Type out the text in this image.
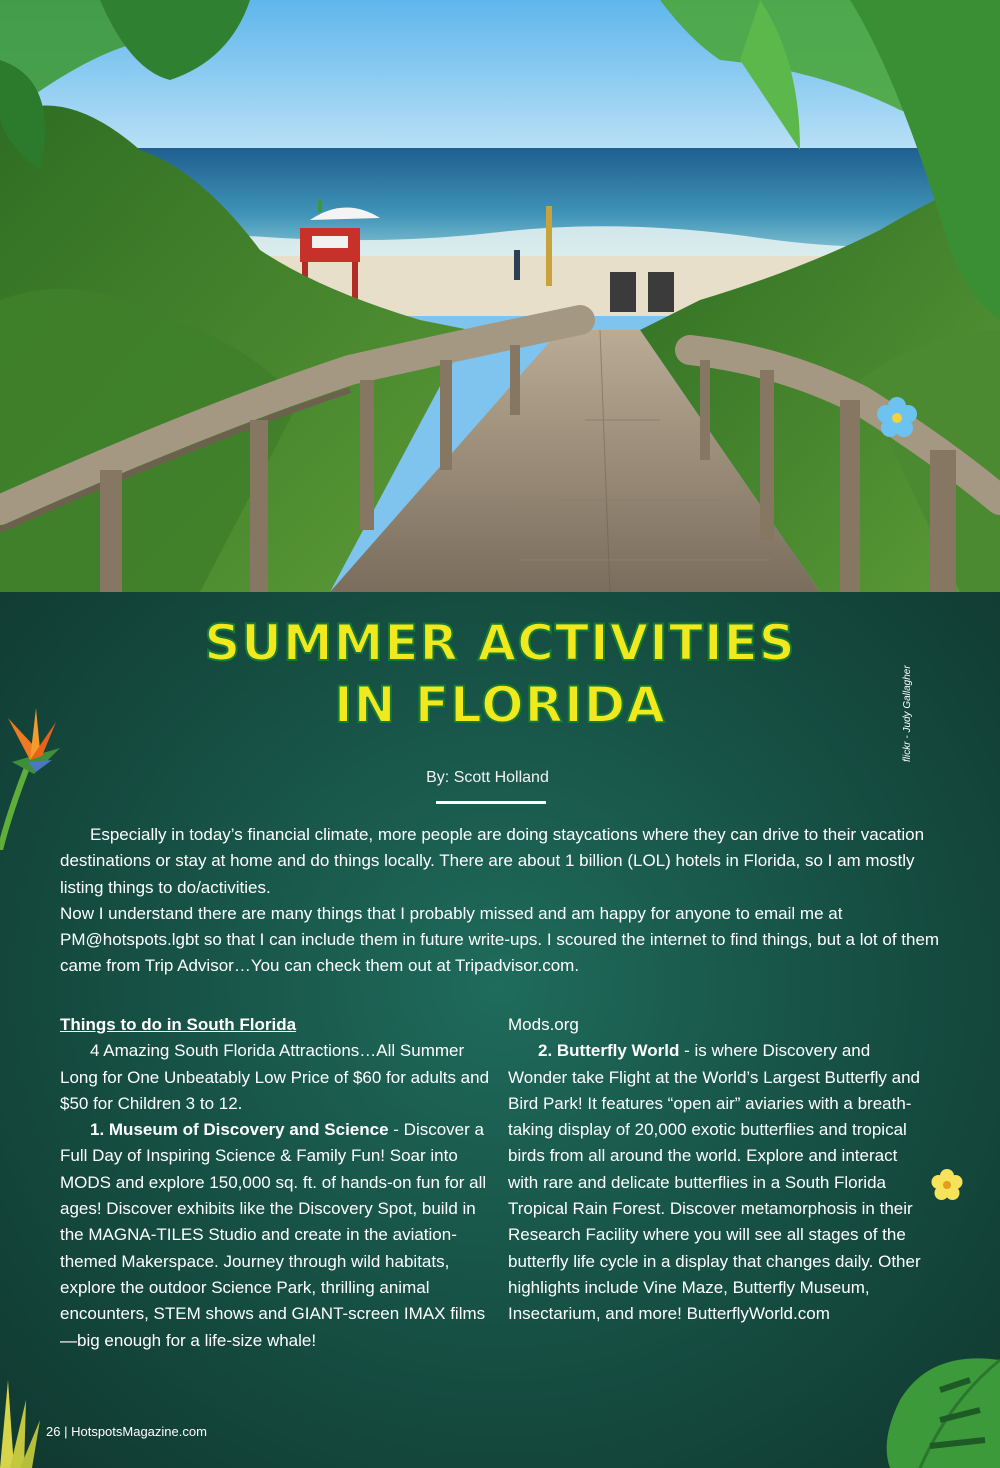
SUMMER ACTIVITIES
IN FLORIDA
By: Scott Holland

Especially in today’s financial climate, more people are doing staycations where they can drive to their vacation destinations or stay at home and do things locally. There are about 1 billion (LOL) hotels in Florida, so I am mostly listing things to do/activities.

Now I understand there are many things that I probably missed and am happy for anyone to email me at PM@hotspots.lgbt so that I can include them in future write-ups. I scoured the internet to find things, but a lot of them came from Trip Advisor…You can check them out at Tripadvisor.com.

Things to do in South Florida

4 Amazing South Florida Attractions…All Summer Long for One Unbeatably Low Price of $60 for adults and $50 for Children 3 to 12.

1. Museum of Discovery and Science - Discover a Full Day of Inspiring Science & Family Fun! Soar into MODS and explore 150,000 sq. ft. of hands-on fun for all ages! Discover exhibits like the Discovery Spot, build in the MAGNA-TILES Studio and create in the aviation-themed Makerspace. Journey through wild habitats, explore the outdoor Science Park, thrilling animal encounters, STEM shows and GIANT-screen IMAX films—big enough for a life-size whale!

Mods.org

2. Butterfly World - is where Discovery and Wonder take Flight at the World’s Largest Butterfly and Bird Park! It features “open air” aviaries with a breath-taking display of 20,000 exotic butterflies and tropical birds from all around the world. Explore and interact with rare and delicate butterflies in a South Florida Tropical Rain Forest. Discover metamorphosis in their Research Facility where you will see all stages of the butterfly life cycle in a display that changes daily. Other highlights include Vine Maze, Butterfly Museum, Insectarium, and more! ButterflyWorld.com

26 | HotspotsMagazine.com
